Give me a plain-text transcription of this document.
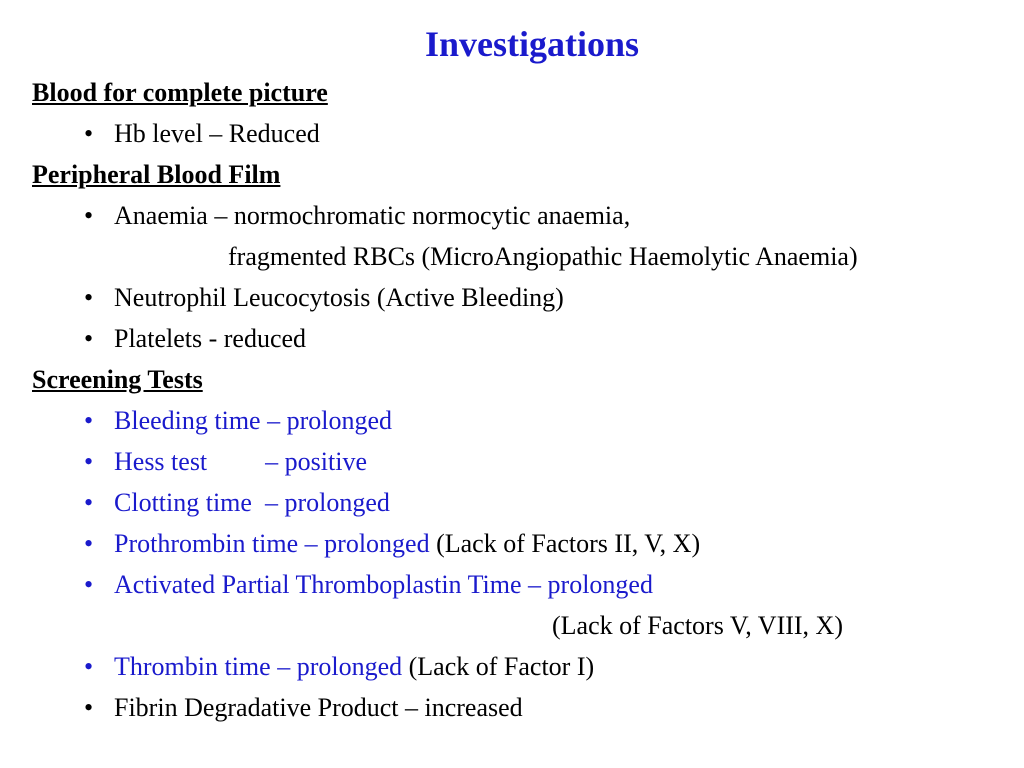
Investigations
Blood for complete picture
• Hb level – Reduced
Peripheral Blood Film
• Anaemia – normochromatic normocytic anaemia,
fragmented RBCs (MicroAngiopathic Haemolytic Anaemia)
• Neutrophil Leucocytosis (Active Bleeding)
• Platelets - reduced
Screening Tests
• Bleeding time – prolonged
• Hess test – positive
• Clotting time  – prolonged
• Prothrombin time – prolonged (Lack of Factors II, V, X)
• Activated Partial Thromboplastin Time – prolonged
(Lack of Factors V, VIII, X)
• Thrombin time – prolonged (Lack of Factor I)
• Fibrin Degradative Product – increased
